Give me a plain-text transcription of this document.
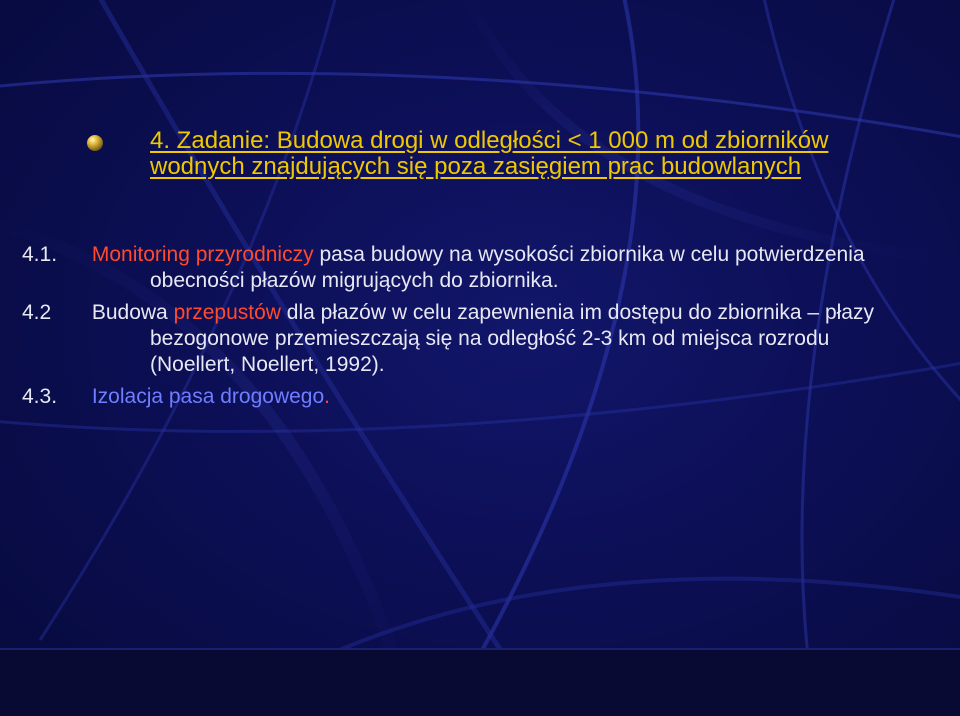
4. Zadanie: Budowa drogi w odległości < 1 000 m od zbiorników wodnych znajdujących się poza zasięgiem prac budowlanych

4.1. Monitoring przyrodniczy pasa budowy na wysokości zbiornika w celu potwierdzenia obecności płazów migrujących do zbiornika.

4.2 Budowa przepustów dla płazów w celu zapewnienia im dostępu do zbiornika – płazy bezogonowe przemieszczają się na odległość 2-3 km od miejsca rozrodu (Noellert, Noellert, 1992).

4.3. Izolacja pasa drogowego.
